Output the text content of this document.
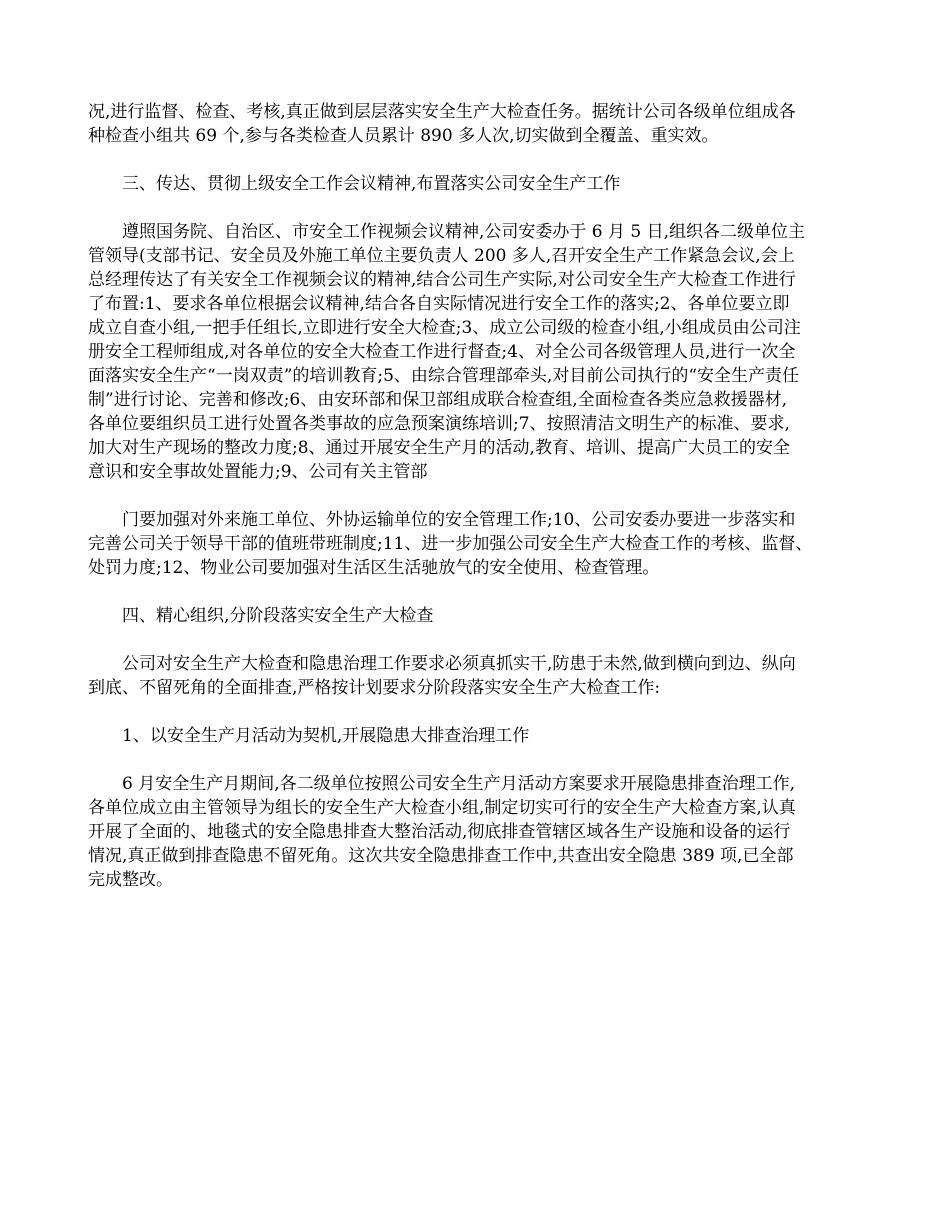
况,进行监督、检查、考核,真正做到层层落实安全生产大检查任务。据统计公司各级单位组成各
种检查小组共 69 个,参与各类检查人员累计 890 多人次,切实做到全覆盖、重实效。

三、传达、贯彻上级安全工作会议精神,布置落实公司安全生产工作

遵照国务院、自治区、市安全工作视频会议精神,公司安委办于 6 月 5 日,组织各二级单位主
管领导(支部书记、安全员及外施工单位主要负责人 200 多人,召开安全生产工作紧急会议,会上
总经理传达了有关安全工作视频会议的精神,结合公司生产实际,对公司安全生产大检查工作进行
了布置:1、要求各单位根据会议精神,结合各自实际情况进行安全工作的落实;2、各单位要立即
成立自查小组,一把手任组长,立即进行安全大检查;3、成立公司级的检查小组,小组成员由公司注
册安全工程师组成,对各单位的安全大检查工作进行督查;4、对全公司各级管理人员,进行一次全
面落实安全生产“一岗双责”的培训教育;5、由综合管理部牵头,对目前公司执行的“安全生产责任
制”进行讨论、完善和修改;6、由安环部和保卫部组成联合检查组,全面检查各类应急救援器材,
各单位要组织员工进行处置各类事故的应急预案演练培训;7、按照清洁文明生产的标准、要求,
加大对生产现场的整改力度;8、通过开展安全生产月的活动,教育、培训、提高广大员工的安全
意识和安全事故处置能力;9、公司有关主管部

门要加强对外来施工单位、外协运输单位的安全管理工作;10、公司安委办要进一步落实和
完善公司关于领导干部的值班带班制度;11、进一步加强公司安全生产大检查工作的考核、监督、
处罚力度;12、物业公司要加强对生活区生活驰放气的安全使用、检查管理。

四、精心组织,分阶段落实安全生产大检查

公司对安全生产大检查和隐患治理工作要求必须真抓实干,防患于未然,做到横向到边、纵向
到底、不留死角的全面排查,严格按计划要求分阶段落实安全生产大检查工作:

1、以安全生产月活动为契机,开展隐患大排查治理工作

6 月安全生产月期间,各二级单位按照公司安全生产月活动方案要求开展隐患排查治理工作,
各单位成立由主管领导为组长的安全生产大检查小组,制定切实可行的安全生产大检查方案,认真
开展了全面的、地毯式的安全隐患排查大整治活动,彻底排查管辖区域各生产设施和设备的运行
情况,真正做到排查隐患不留死角。这次共安全隐患排查工作中,共查出安全隐患 389 项,已全部
完成整改。
